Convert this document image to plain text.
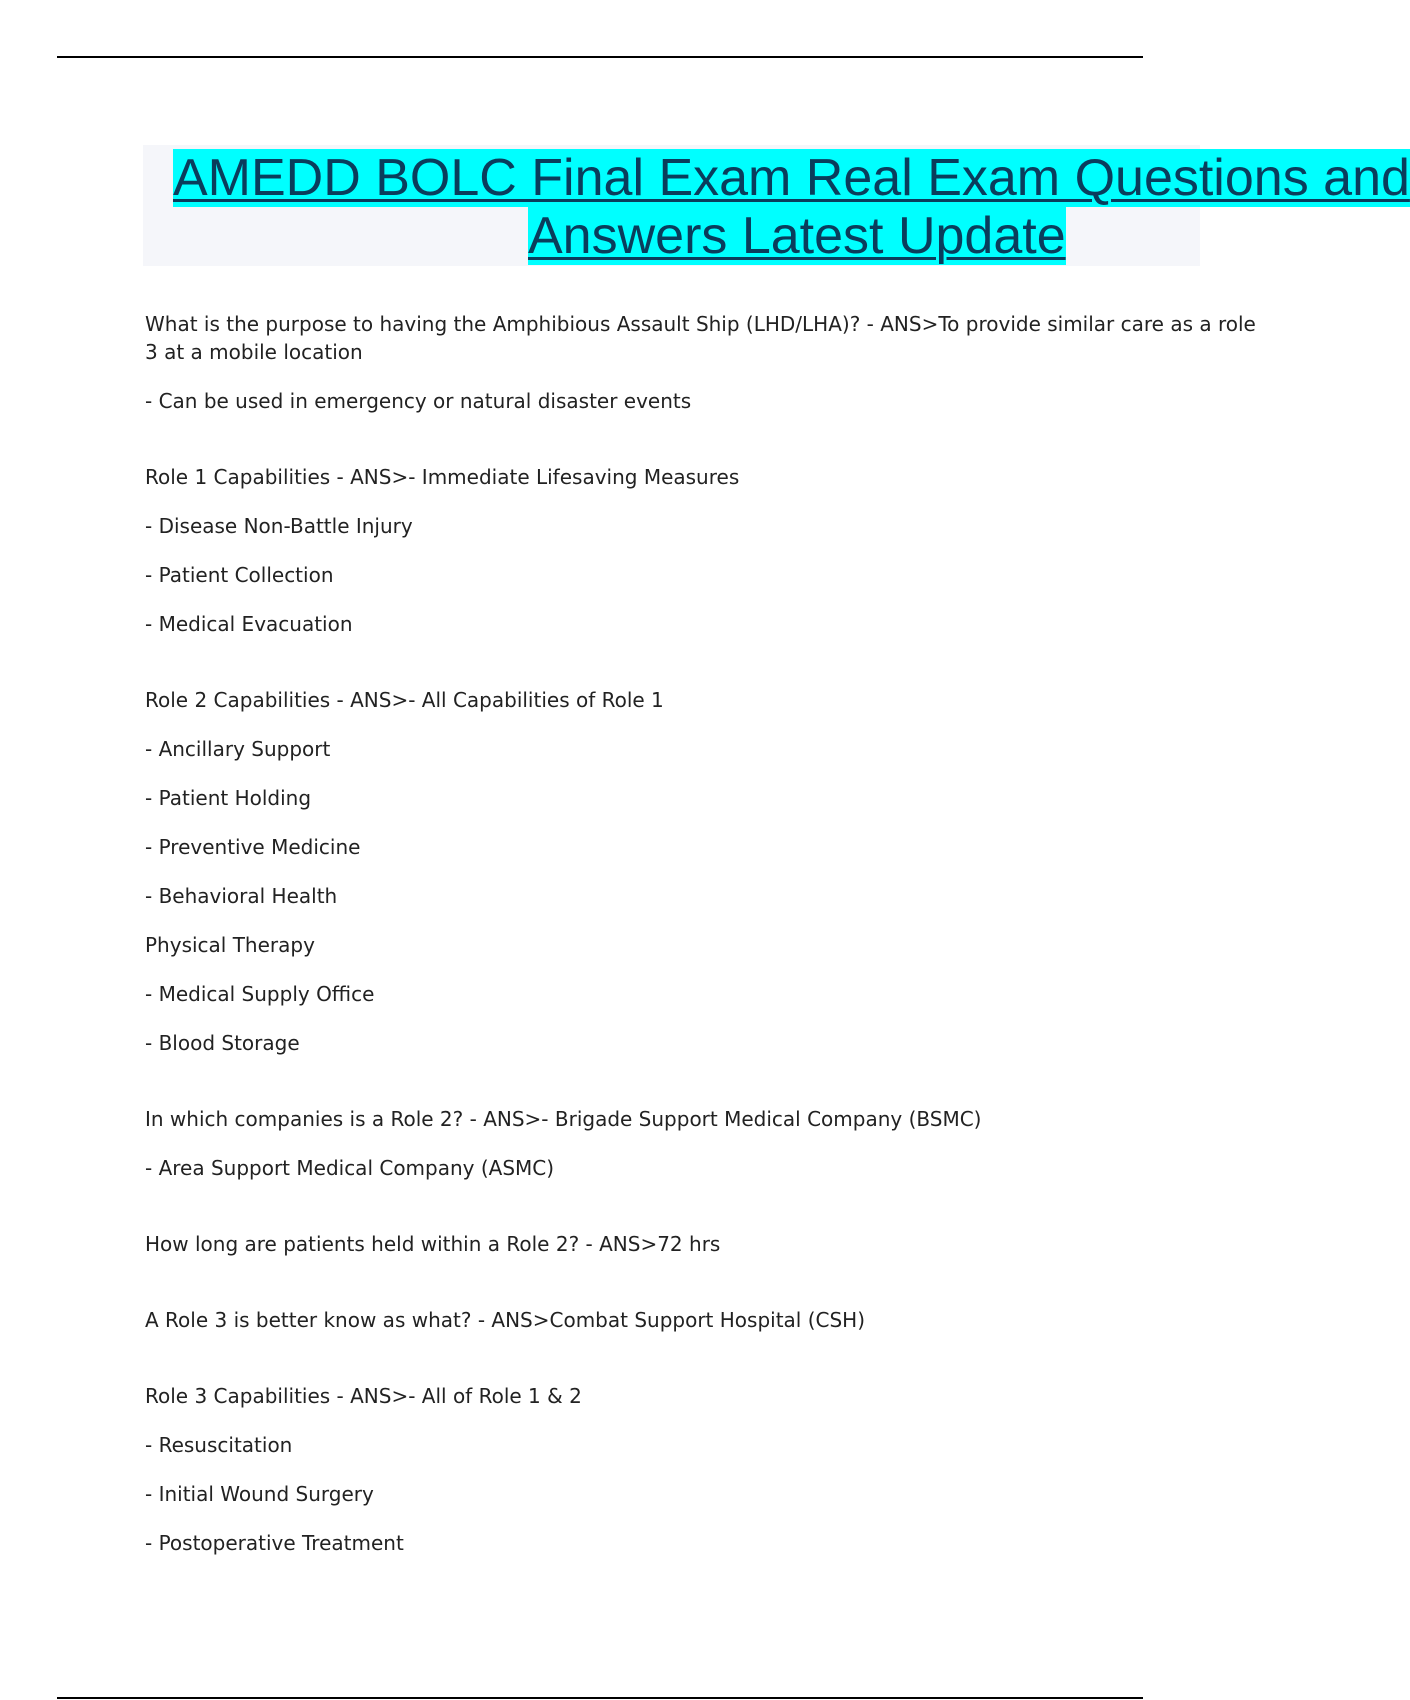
AMEDD BOLC Final Exam Real Exam Questions and
Answers Latest Update

What is the purpose to having the Amphibious Assault Ship (LHD/LHA)? - ANS>To provide similar care as a role 3 at a mobile location

- Can be used in emergency or natural disaster events

Role 1 Capabilities - ANS>- Immediate Lifesaving Measures

- Disease Non-Battle Injury

- Patient Collection

- Medical Evacuation

Role 2 Capabilities - ANS>- All Capabilities of Role 1

- Ancillary Support

- Patient Holding

- Preventive Medicine

- Behavioral Health

Physical Therapy

- Medical Supply Office

- Blood Storage

In which companies is a Role 2? - ANS>- Brigade Support Medical Company (BSMC)

- Area Support Medical Company (ASMC)

How long are patients held within a Role 2? - ANS>72 hrs

A Role 3 is better know as what? - ANS>Combat Support Hospital (CSH)

Role 3 Capabilities - ANS>- All of Role 1 & 2

- Resuscitation

- Initial Wound Surgery

- Postoperative Treatment
